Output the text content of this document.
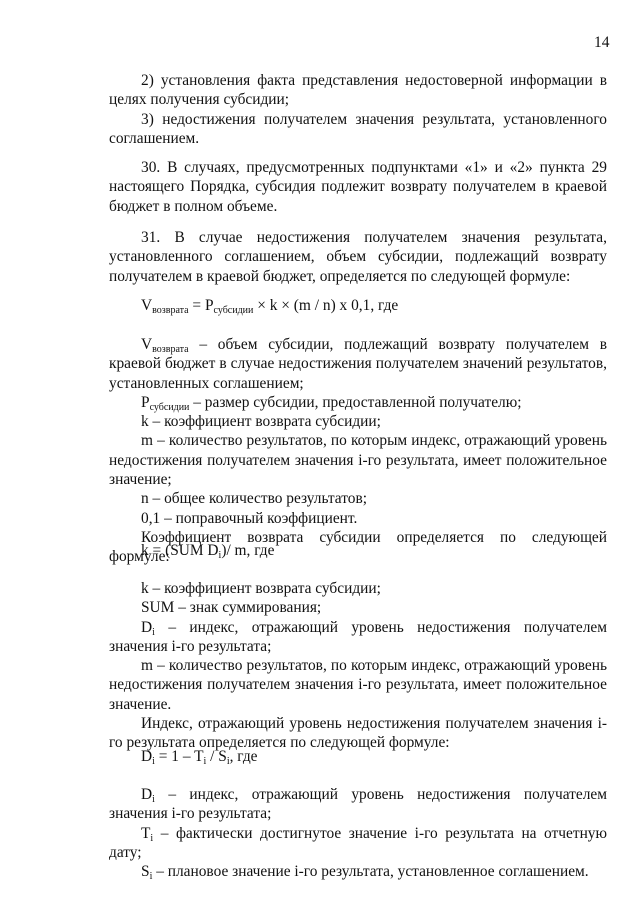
14

2) установления факта представления недостоверной информации в целях получения субсидии;

3) недостижения получателем значения результата, установленного соглашением.

30. В случаях, предусмотренных подпунктами «1» и «2» пункта 29 настоящего Порядка, субсидия подлежит возврату получателем в краевой бюджет в полном объеме.

31. В случае недостижения получателем значения результата, установленного соглашением, объем субсидии, подлежащий возврату получателем в краевой бюджет, определяется по следующей формуле:

$V_{возврата} = P_{субсидии} \times k \times (m / n)$ x 0,1, где

$V_{возврата}$ – объем субсидии, подлежащий возврату получателем в краевой бюджет в случае недостижения получателем значений результатов, установленных соглашением;

$P_{субсидии}$ – размер субсидии, предоставленной получателю;

k – коэффициент возврата субсидии;

m – количество результатов, по которым индекс, отражающий уровень недостижения получателем значения i-го результата, имеет положительное значение;

n – общее количество результатов;

0,1 – поправочный коэффициент.

Коэффициент возврата субсидии определяется по следующей формуле:

k = (SUM $D_i)/$ m, где

k – коэффициент возврата субсидии;

SUM – знак суммирования;

$D_i$ – индекс, отражающий уровень недостижения получателем значения i-го результата;

m – количество результатов, по которым индекс, отражающий уровень недостижения получателем значения i-го результата, имеет положительное значение.

Индекс, отражающий уровень недостижения получателем значения i-го результата определяется по следующей формуле:

$D_i = 1 - T_i / S_i$, где

$D_i$ – индекс, отражающий уровень недостижения получателем значения i-го результата;

$T_i$ – фактически достигнутое значение i-го результата на отчетную дату;

$S_i$ – плановое значение i-го результата, установленное соглашением.
